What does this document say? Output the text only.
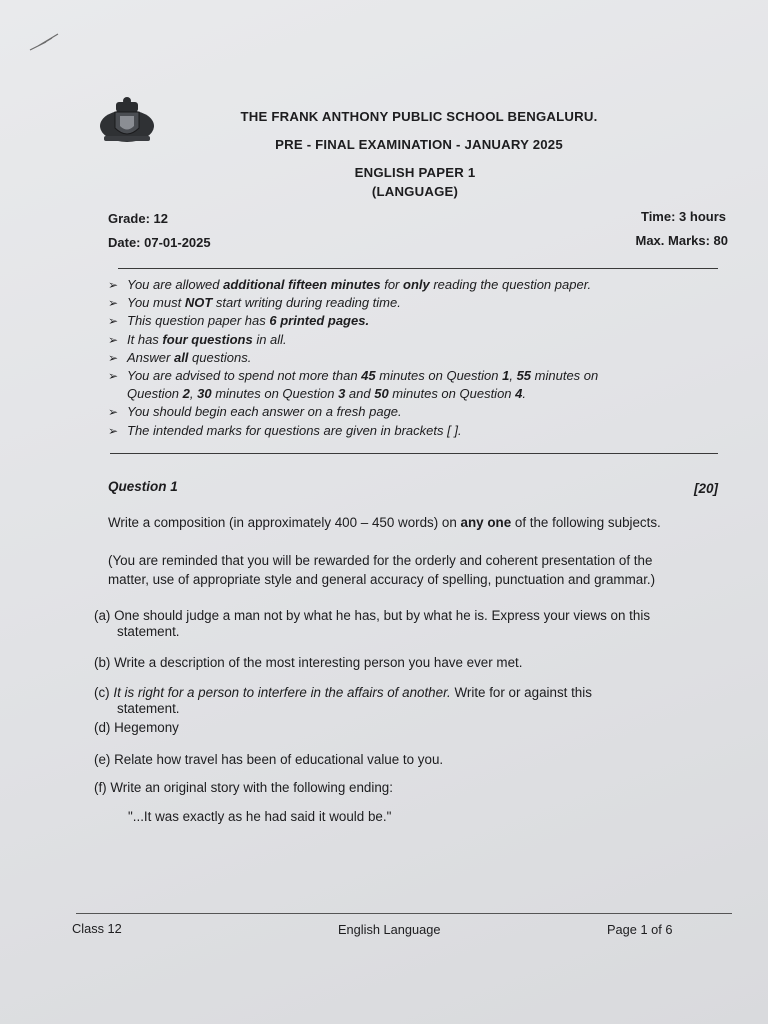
THE FRANK ANTHONY PUBLIC SCHOOL BENGALURU.
PRE - FINAL EXAMINATION - JANUARY 2025
ENGLISH PAPER 1
(LANGUAGE)
Grade: 12
Date: 07-01-2025
Time: 3 hours
Max. Marks: 80
➢ You are allowed additional fifteen minutes for only reading the question paper.
➢ You must NOT start writing during reading time.
➢ This question paper has 6 printed pages.
➢ It has four questions in all.
➢ Answer all questions.
➢ You are advised to spend not more than 45 minutes on Question 1, 55 minutes on
Question 2, 30 minutes on Question 3 and 50 minutes on Question 4.
➢ You should begin each answer on a fresh page.
➢ The intended marks for questions are given in brackets [ ].
Question 1	[20]
Write a composition (in approximately 400 – 450 words) on any one of the following subjects.
(You are reminded that you will be rewarded for the orderly and coherent presentation of the
matter, use of appropriate style and general accuracy of spelling, punctuation and grammar.)
(a) One should judge a man not by what he has, but by what he is. Express your views on this
statement.
(b) Write a description of the most interesting person you have ever met.
(c) It is right for a person to interfere in the affairs of another. Write for or against this
statement.
(d) Hegemony
(e) Relate how travel has been of educational value to you.
(f) Write an original story with the following ending:
"...It was exactly as he had said it would be."
Class 12	English Language	Page 1 of 6
